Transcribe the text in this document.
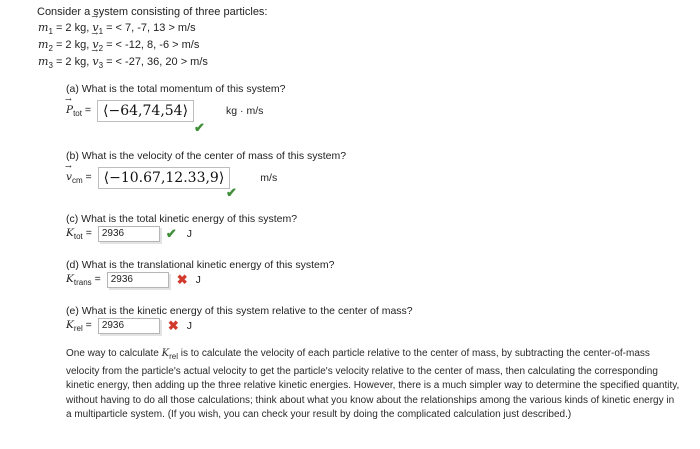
Consider a system consisting of three particles:
$m_1 = 2$ kg, → $v_1$ = < 7, -7, 13 > m/s
$m_2 = 2$ kg, → $v_2$ = < -12, 8, -6 > m/s
$m_3 = 2$ kg, → $v_3$ = < -27, 36, 20 > m/s
(a) What is the total momentum of this system?
→ $P_{tot}$ = ⟨−64,74,54⟩	kg · m/s
✔
(b) What is the velocity of the center of mass of this system?
→ $v_{cm}$ = ⟨−10.67,12.33,9⟩	m/s
✔
(c) What is the total kinetic energy of this system?
$K_{tot}$ =	2936	✔ J
(d) What is the translational kinetic energy of this system?
$K_{trans}$ =	2936	✖ J
(e) What is the kinetic energy of this system relative to the center of mass?
$K_{rel}$ =	2936	✖ J
One way to calculate $K_{rel}$ is to calculate the velocity of each particle relative to the center of mass, by subtracting the center-of-mass velocity from the particle's actual velocity to get the particle's velocity relative to the center of mass, then calculating the corresponding kinetic energy, then adding up the three relative kinetic energies. However, there is a much simpler way to determine the specified quantity, without having to do all those calculations; think about what you know about the relationships among the various kinds of kinetic energy in a multiparticle system. (If you wish, you can check your result by doing the complicated calculation just described.)
